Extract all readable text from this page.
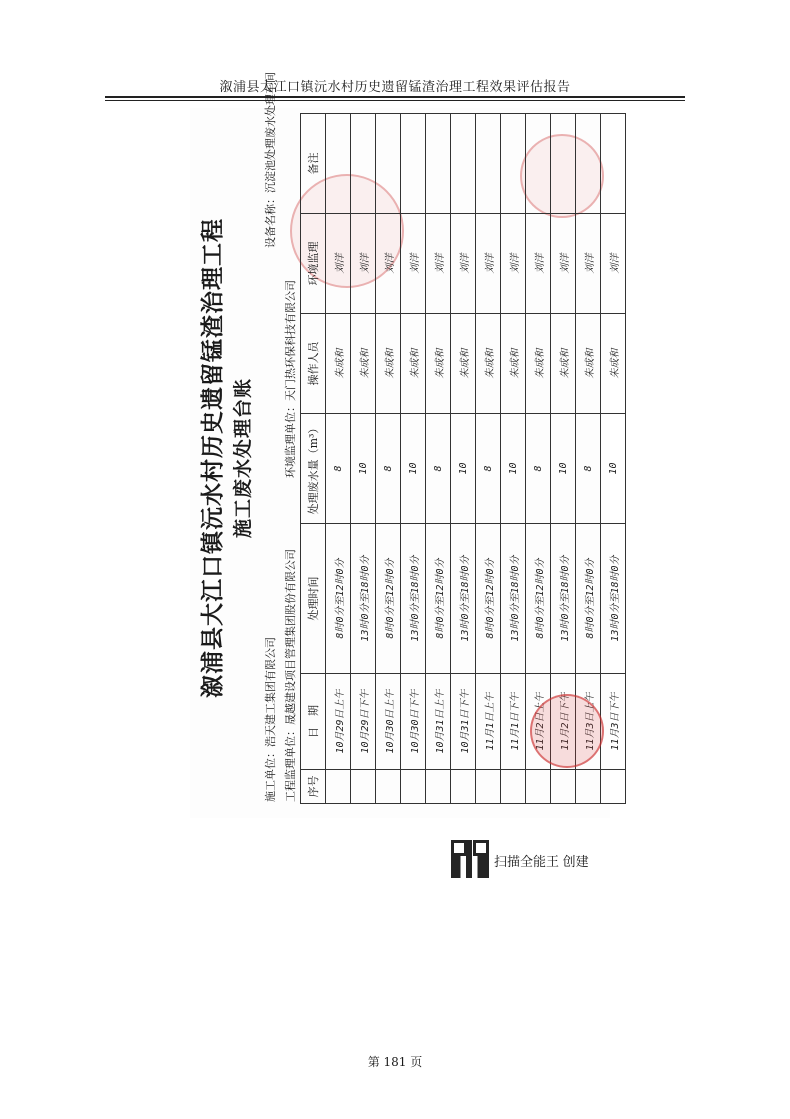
溆浦县大江口镇沅水村历史遗留锰渣治理工程效果评估报告
溆浦县大江口镇沅水村历史遗留锰渣治理工程 施工废水处理台账
施工单位：浩天建工集团有限公司 工程监理单位：晟越建设项目管理集团股份有限公司
环境监理单位：天门热环保科技有限公司
设备名称：沉淀池处理废水处理车间
序号	日　期	处理时间	处理废水量（m³）	操作人员	环境监理	备注
	10月29日上午	8时0分至12时0分	8	朱成和	刘洋	
	10月29日下午	13时0分至18时0分	10	朱成和	刘洋	
	10月30日上午	8时0分至12时0分	8	朱成和	刘洋	
	10月30日下午	13时0分至18时0分	10	朱成和	刘洋	
	10月31日上午	8时0分至12时0分	8	朱成和	刘洋	
	10月31日下午	13时0分至18时0分	10	朱成和	刘洋	
	11月1日上午	8时0分至12时0分	8	朱成和	刘洋	
	11月1日下午	13时0分至18时0分	10	朱成和	刘洋	
	11月2日上午	8时0分至12时0分	8	朱成和	刘洋	
	11月2日下午	13时0分至18时0分	10	朱成和	刘洋	
	11月3日上午	8时0分至12时0分	8	朱成和	刘洋	
	11月3日下午	13时0分至18时0分	10	朱成和	刘洋	
扫描全能王 创建
第 181 页
